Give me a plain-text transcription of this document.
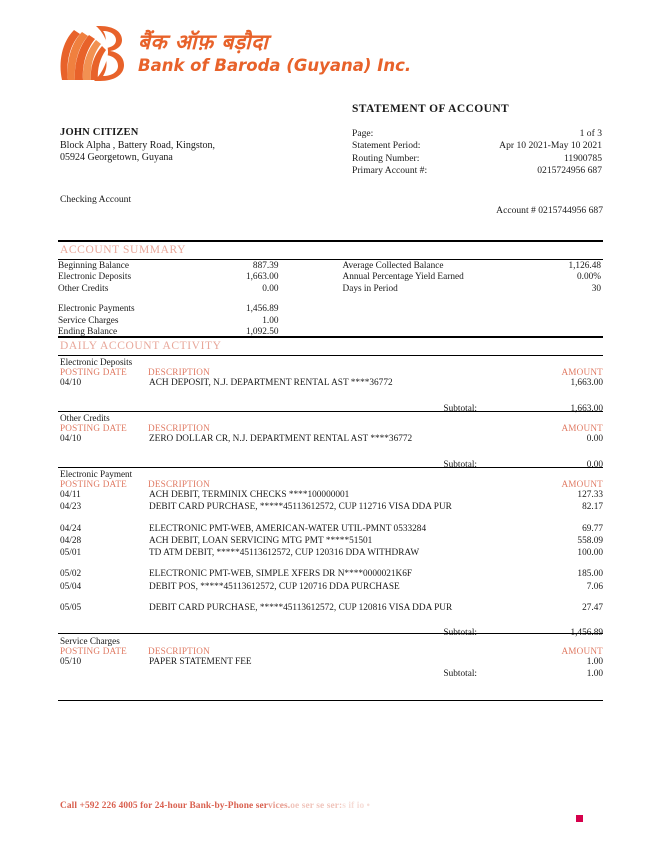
बैंक ऑफ़ बड़ौदा
Bank of Baroda (Guyana) Inc.
STATEMENT OF ACCOUNT
JOHN CITIZEN
Block Alpha , Battery Road, Kingston,
05924 Georgetown, Guyana
Page:	1 of 3
Statement Period:	Apr 10 2021-May 10 2021
Routing Number:	11900785
Primary Account #:	0215724956 687
Checking Account
Account # 0215744956 687
ACCOUNT SUMMARY
Beginning Balance	887.39
Electronic Deposits	1,663.00
Other Credits	0.00
Electronic Payments	1,456.89
Service Charges	1.00
Ending Balance	1,092.50
Average Collected Balance	1,126.48
Annual Percentage Yield Earned	0.00%
Days in Period	30
DAILY ACCOUNT ACTIVITY
Electronic Deposits
POSTING DATE	DESCRIPTION	AMOUNT
04/10	ACH DEPOSIT, N.J. DEPARTMENT RENTAL AST ****36772	1,663.00
Subtotal:	1,663.00
Other Credits
POSTING DATE	DESCRIPTION	AMOUNT
04/10	ZERO DOLLAR CR, N.J. DEPARTMENT RENTAL AST ****36772	0.00
Subtotal:	0.00
Electronic Payment
POSTING DATE	DESCRIPTION	AMOUNT
04/11	ACH DEBIT, TERMINIX CHECKS ****100000001	127.33
04/23	DEBIT CARD PURCHASE, *****45113612572, CUP 112716 VISA DDA PUR	82.17
04/24	ELECTRONIC PMT-WEB, AMERICAN-WATER UTIL-PMNT 0533284	69.77
04/28	ACH DEBIT, LOAN SERVICING MTG PMT *****51501	558.09
05/01	TD ATM DEBIT, *****45113612572, CUP 120316 DDA WITHDRAW	100.00
05/02	ELECTRONIC PMT-WEB, SIMPLE XFERS DR N****0000021K6F	185.00
05/04	DEBIT POS, *****45113612572, CUP 120716 DDA PURCHASE	7.06
05/05	DEBIT CARD PURCHASE, *****45113612572, CUP 120816 VISA DDA PUR	27.47
Subtotal:	1,456.89
Service Charges
POSTING DATE	DESCRIPTION	AMOUNT
05/10	PAPER STATEMENT FEE	1.00
Subtotal:	1.00
Call +592 226 4005 for 24-hour Bank-by-Phone services.oe ser se ser:s if io •
